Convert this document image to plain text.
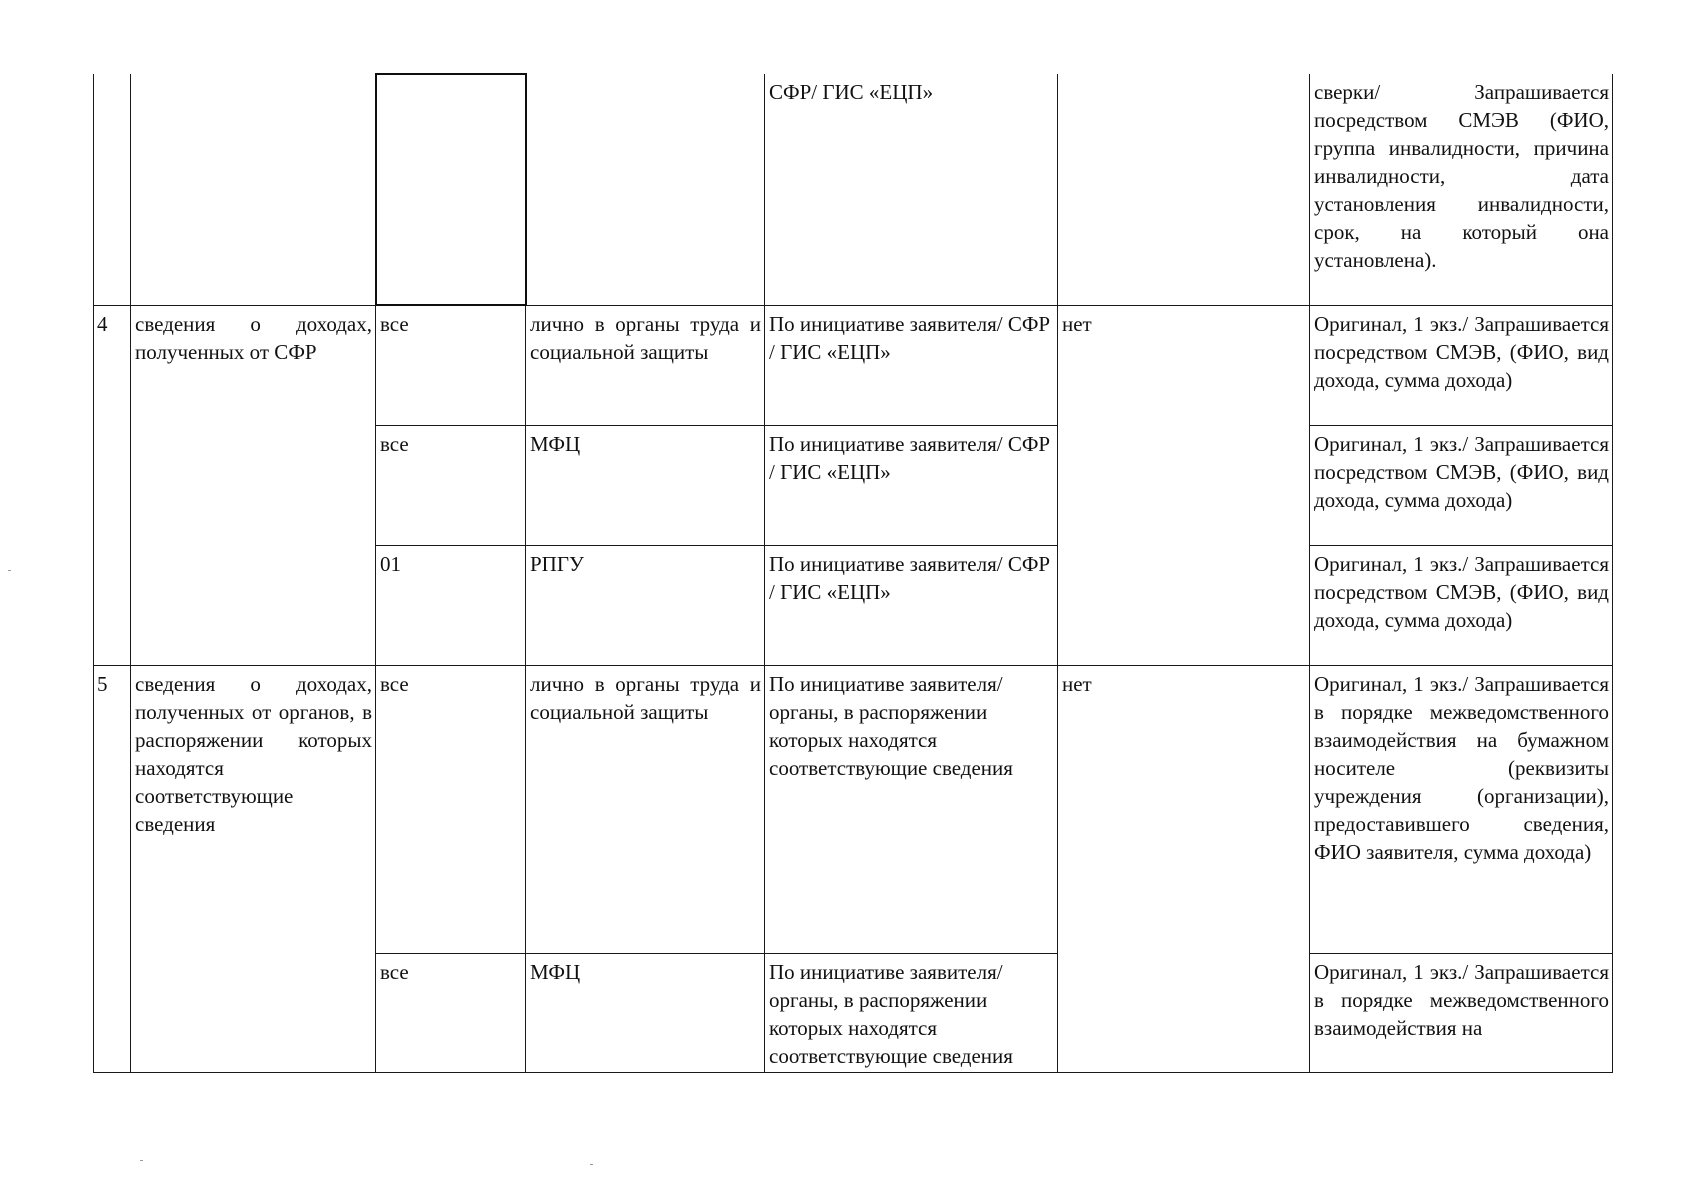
				СФР/ ГИС «ЕЦП»		сверки/ Запрашивается посредством СМЭВ (ФИО, группа инвалидности, причина инвалидности, дата установления инвалидности, срок, на который она установлена).
4	сведения о доходах, полученных от СФР	все	лично в органы труда и социальной защиты	По инициативе заявителя/ СФР / ГИС «ЕЦП»	нет	Оригинал, 1 экз./ Запрашивается посредством СМЭВ, (ФИО, вид дохода, сумма дохода)
		все	МФЦ	По инициативе заявителя/ СФР / ГИС «ЕЦП»		Оригинал, 1 экз./ Запрашивается посредством СМЭВ, (ФИО, вид дохода, сумма дохода)
		01	РПГУ	По инициативе заявителя/ СФР / ГИС «ЕЦП»		Оригинал, 1 экз./ Запрашивается посредством СМЭВ, (ФИО, вид дохода, сумма дохода)
5	сведения о доходах, полученных от органов, в распоряжении которых находятся соответствующие сведения	все	лично в органы труда и социальной защиты	По инициативе заявителя/ органы, в распоряжении которых находятся соответствующие сведения	нет	Оригинал, 1 экз./ Запрашивается в порядке межведомственного взаимодействия на бумажном носителе (реквизиты учреждения (организации), предоставившего сведения, ФИО заявителя, сумма дохода)
		все	МФЦ	По инициативе заявителя/ органы, в распоряжении которых находятся соответствующие сведения		Оригинал, 1 экз./ Запрашивается в порядке межведомственного взаимодействия на
